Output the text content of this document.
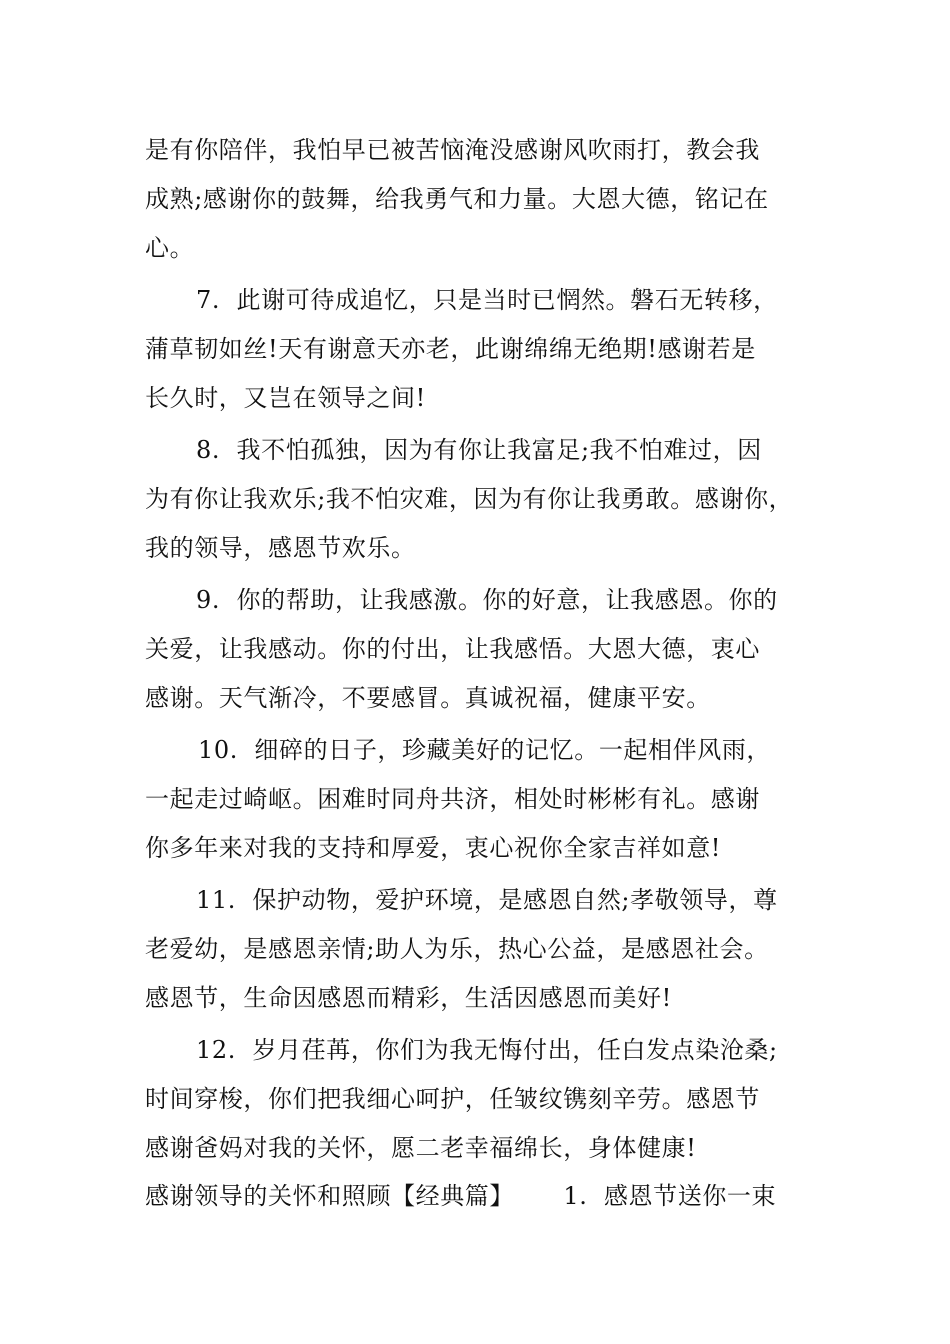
是有你陪伴，我怕早已被苦恼淹没感谢风吹雨打，教会我
成熟;感谢你的鼓舞，给我勇气和力量。大恩大德，铭记在
心。
7.  此谢可待成追忆，只是当时已惘然。磐石无转移，
蒲草韧如丝!天有谢意天亦老，此谢绵绵无绝期!感谢若是
长久时，又岂在领导之间!
8.  我不怕孤独，因为有你让我富足;我不怕难过，因
为有你让我欢乐;我不怕灾难，因为有你让我勇敢。感谢你，
我的领导，感恩节欢乐。
9.  你的帮助，让我感激。你的好意，让我感恩。你的
关爱，让我感动。你的付出，让我感悟。大恩大德，衷心
感谢。天气渐冷，不要感冒。真诚祝福，健康平安。
10.  细碎的日子，珍藏美好的记忆。一起相伴风雨，
一起走过崎岖。困难时同舟共济，相处时彬彬有礼。感谢
你多年来对我的支持和厚爱，衷心祝你全家吉祥如意!
11.  保护动物，爱护环境，是感恩自然;孝敬领导，尊
老爱幼，是感恩亲情;助人为乐，热心公益，是感恩社会。
感恩节，生命因感恩而精彩，生活因感恩而美好!
12.  岁月荏苒，你们为我无悔付出，任白发点染沧桑;
时间穿梭，你们把我细心呵护，任皱纹镌刻辛劳。感恩节
感谢爸妈对我的关怀，愿二老幸福绵长，身体健康!
感谢领导的关怀和照顾【经典篇】      1.  感恩节送你一束
